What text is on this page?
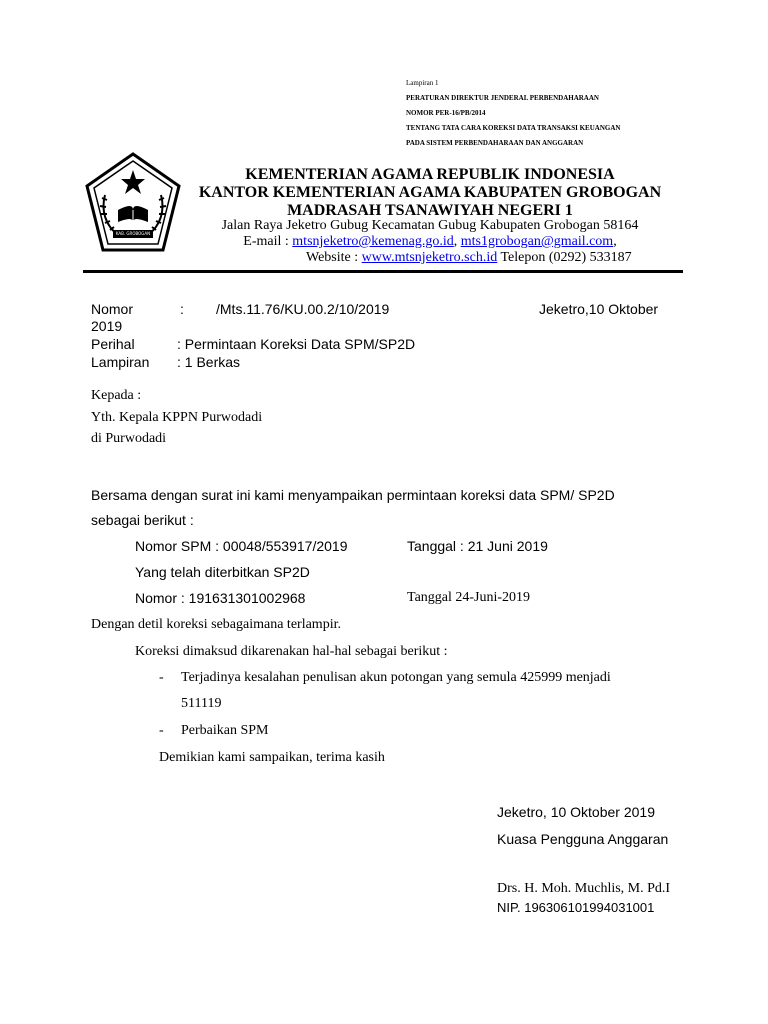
Lampiran 1
PERATURAN DIREKTUR JENDERAL PERBENDAHARAAN
NOMOR PER-16/PB/2014
TENTANG TATA CARA KOREKSI DATA TRANSAKSI KEUANGAN
PADA SISTEM PERBENDAHARAAN DAN ANGGARAN
KAB. GROBOGAN
KEMENTERIAN AGAMA REPUBLIK INDONESIA
KANTOR KEMENTERIAN AGAMA KABUPATEN GROBOGAN
MADRASAH TSANAWIYAH NEGERI 1
Jalan Raya Jeketro Gubug Kecamatan Gubug Kabupaten Grobogan 58164
E-mail : mtsnjeketro@kemenag.go.id, mts1grobogan@gmail.com,
Website : www.mtsnjeketro.sch.id Telepon (0292) 533187
Nomor	: /Mts.11.76/KU.00.2/10/2019	Jeketro,10 Oktober
2019
Perihal	: Permintaan Koreksi Data SPM/SP2D
Lampiran : 1 Berkas
Kepada :
Yth. Kepala KPPN Purwodadi
di Purwodadi
Bersama dengan surat ini kami menyampaikan permintaan koreksi data SPM/ SP2D
sebagai berikut :
Nomor SPM : 00048/553917/2019	Tanggal : 21 Juni 2019
Yang telah diterbitkan SP2D
Nomor : 191631301002968	Tanggal 24-Juni-2019
Dengan detil koreksi sebagaimana terlampir.
Koreksi dimaksud dikarenakan hal-hal sebagai berikut :
- Terjadinya kesalahan penulisan akun potongan yang semula 425999 menjadi
511119
- Perbaikan SPM
Demikian kami sampaikan, terima kasih
Jeketro, 10 Oktober 2019
Kuasa Pengguna Anggaran
Drs. H. Moh. Muchlis, M. Pd.I
NIP. 196306101994031001
